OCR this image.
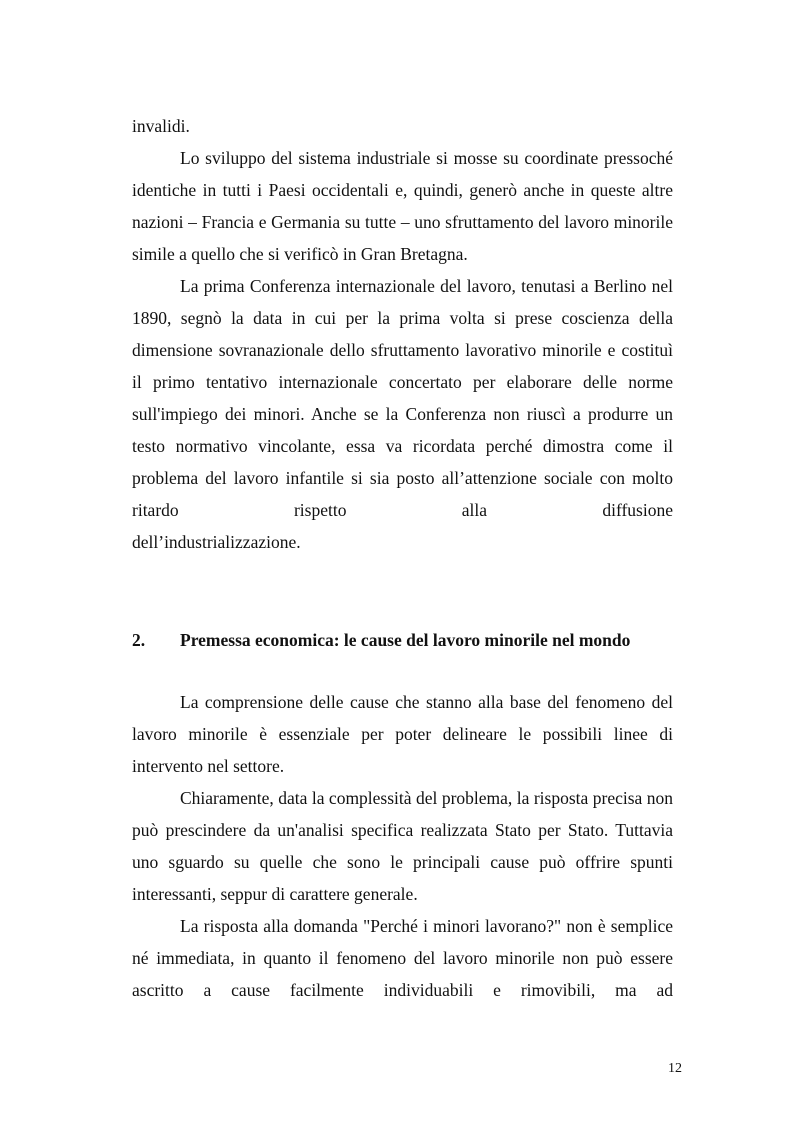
invalidi.

Lo sviluppo del sistema industriale si mosse su coordinate pressoché identiche in tutti i Paesi occidentali e, quindi, generò anche in queste altre nazioni – Francia e Germania su tutte – uno sfruttamento del lavoro minorile simile a quello che si verificò in Gran Bretagna.

La prima Conferenza internazionale del lavoro, tenutasi a Berlino nel 1890, segnò la data in cui per la prima volta si prese coscienza della dimensione sovranazionale dello sfruttamento lavorativo minorile e costituì il primo tentativo internazionale concertato per elaborare delle norme sull'impiego dei minori. Anche se la Conferenza non riuscì a produrre un testo normativo vincolante, essa va ricordata perché dimostra come il problema del lavoro infantile si sia posto all’attenzione sociale con molto ritardo rispetto alla diffusione

dell’industrializzazione.

2. Premessa economica: le cause del lavoro minorile nel mondo

La comprensione delle cause che stanno alla base del fenomeno del lavoro minorile è essenziale per poter delineare le possibili linee di intervento nel settore.

Chiaramente, data la complessità del problema, la risposta precisa non può prescindere da un'analisi specifica realizzata Stato per Stato. Tuttavia uno sguardo su quelle che sono le principali cause può offrire spunti interessanti, seppur di carattere generale.

La risposta alla domanda "Perché i minori lavorano?" non è semplice né immediata, in quanto il fenomeno del lavoro minorile non può essere ascritto a cause facilmente individuabili e rimovibili, ma ad

12
